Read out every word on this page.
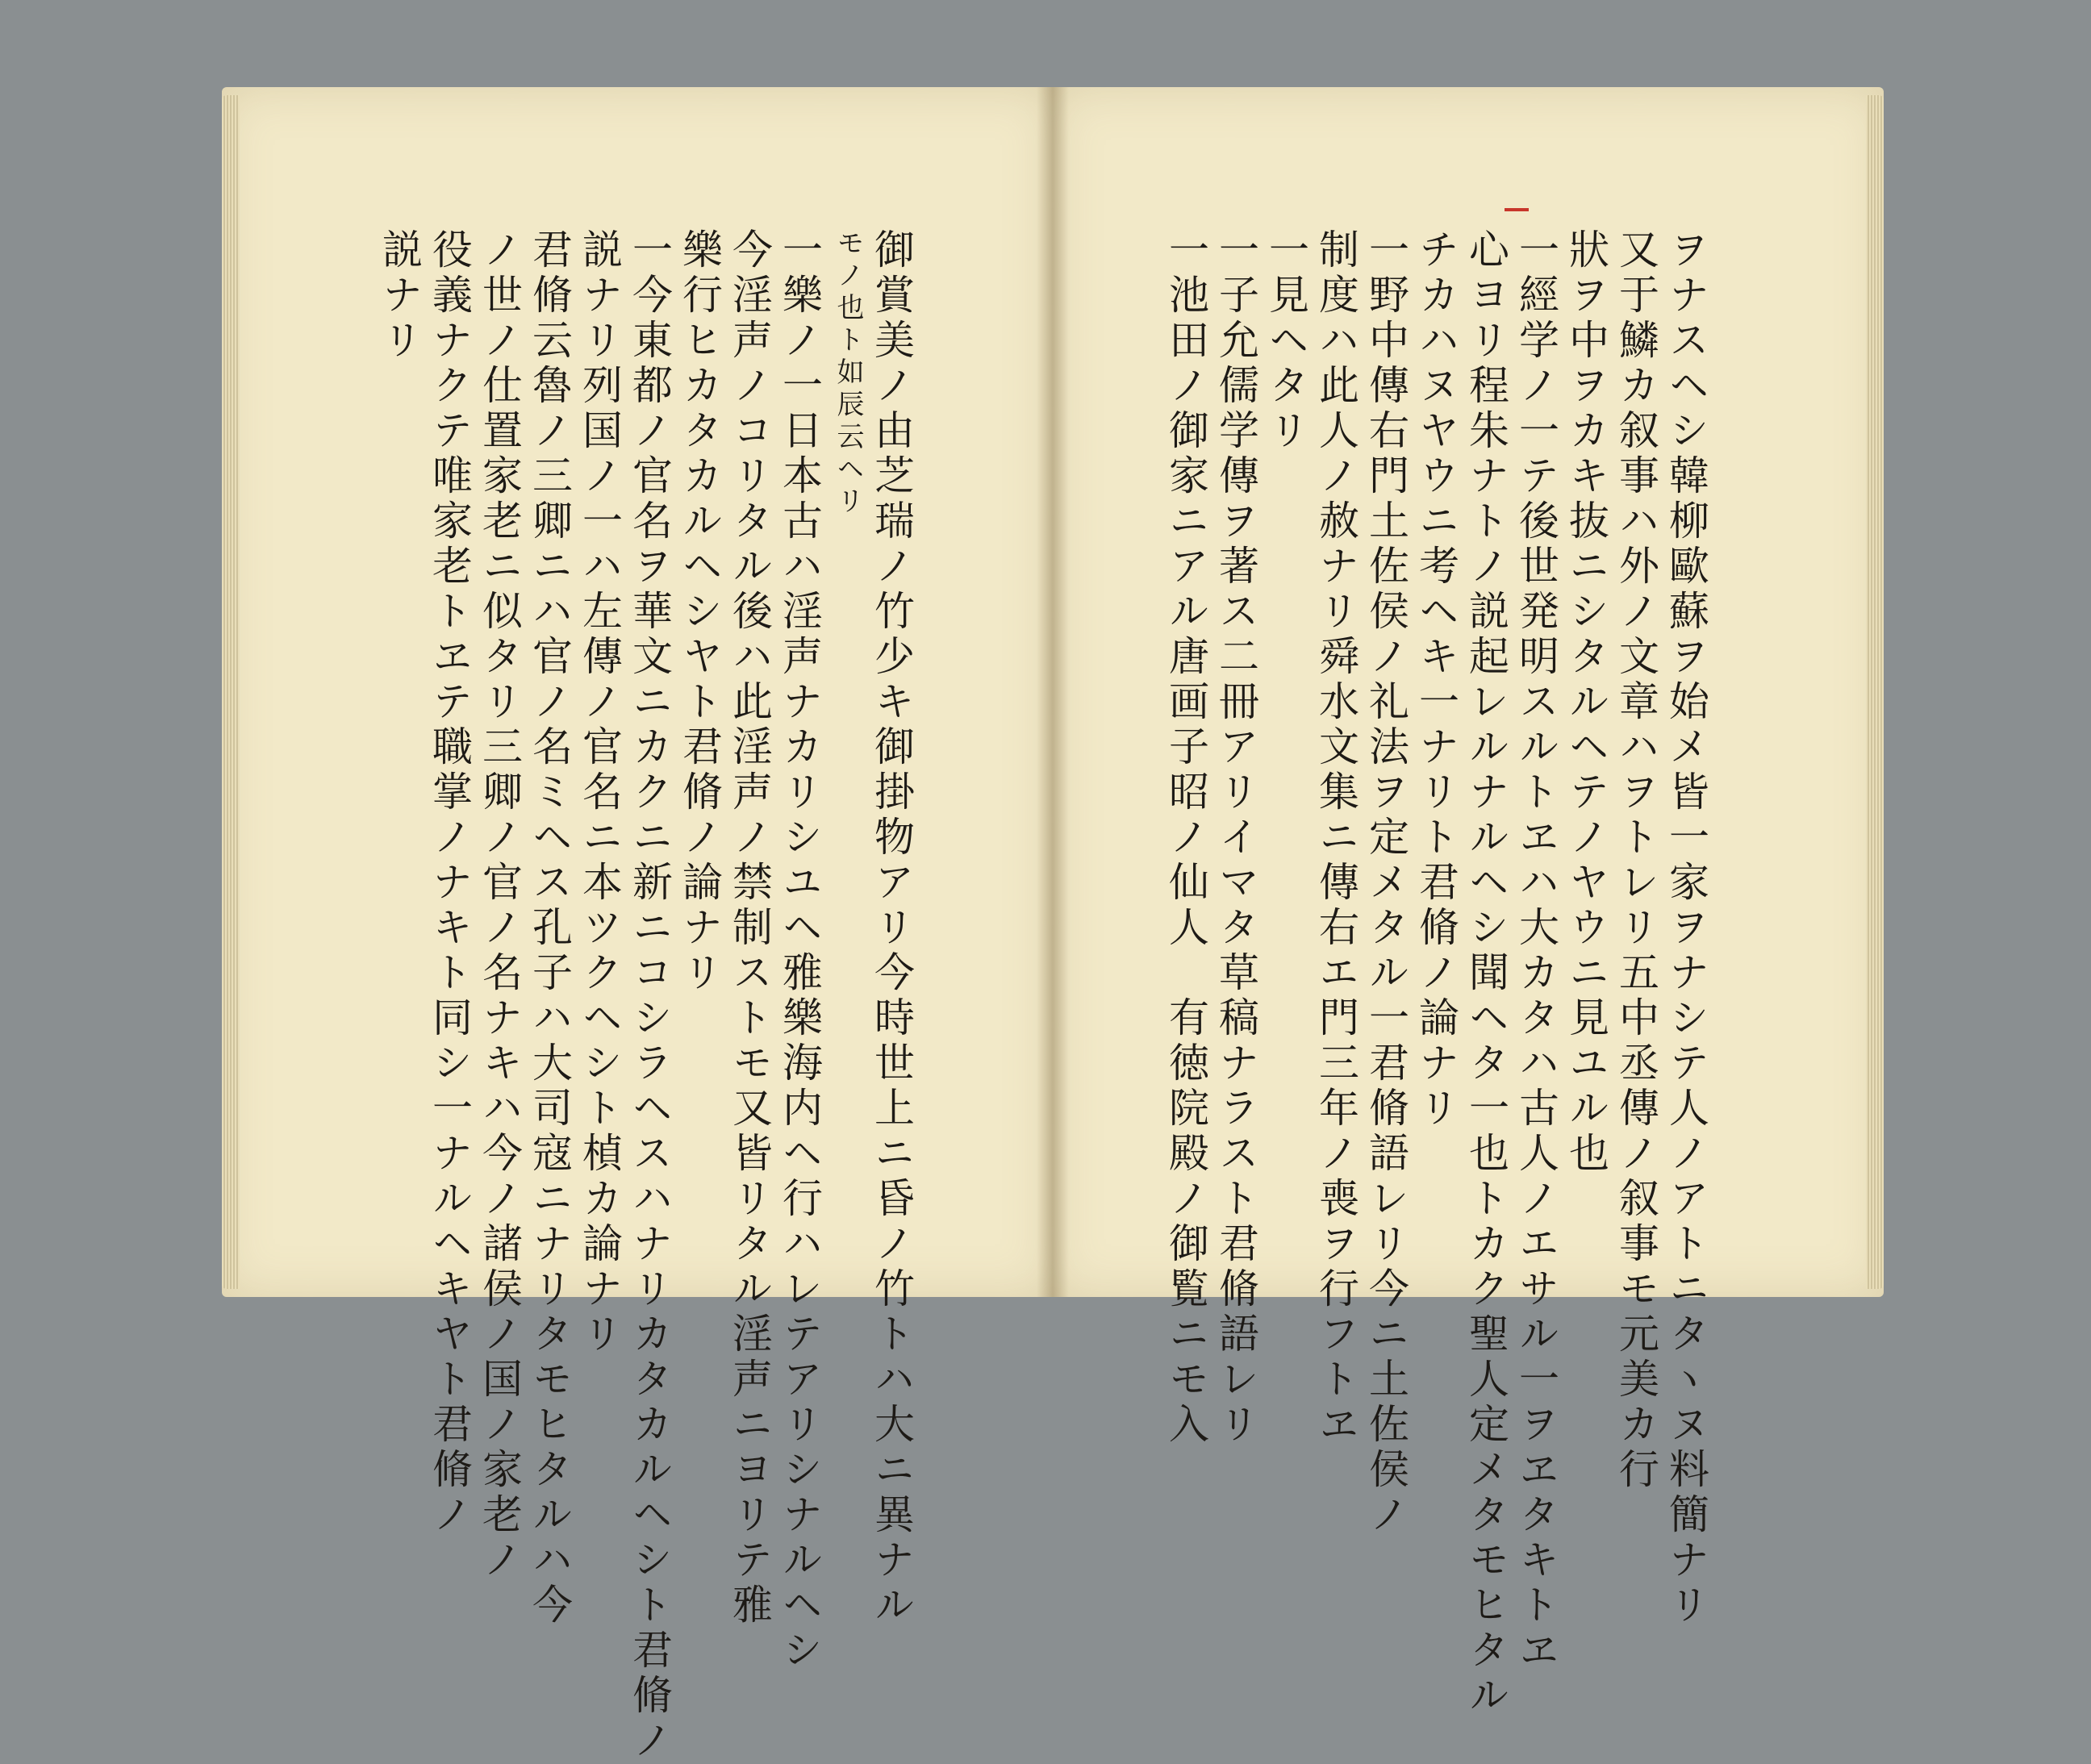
御賞美ノ由芝瑞ノ竹少キ御掛物アリ今時世上ニ昏ノ竹トハ大ニ異ナル
モノ也ト如辰云ヘリ
一樂ノ一日本古ハ淫声ナカリシユヘ雅樂海内ヘ行ハレテアリシナルヘシ
今淫声ノコリタル後ハ此淫声ノ禁制ストモ又皆リタル淫声ニヨリテ雅
樂行ヒカタカルヘシヤト君脩ノ論ナリ
一今東都ノ官名ヲ華文ニカクニ新ニコシラヘスハナリカタカルヘシト君脩ノ
説ナリ列国ノ一ハ左傳ノ官名ニ本ツクヘシト楨カ論ナリ
君脩云魯ノ三卿ニハ官ノ名ミヘス孔子ハ大司寇ニナリタモヒタルハ今
ノ世ノ仕置家老ニ似タリ三卿ノ官ノ名ナキハ今ノ諸侯ノ国ノ家老ノ
役義ナクテ唯家老トヱテ職掌ノナキト同シ一ナルヘキヤト君脩ノ
説ナリ	ヲナスヘシ韓柳歐蘇ヲ始メ皆一家ヲナシテ人ノアトニタヽヌ料簡ナリ
又于鱗カ叙事ハ外ノ文章ハヲトレリ五中丞傳ノ叙事モ元美カ行
狀ヲ中ヲカキ抜ニシタルヘテノヤウニ見ユル也
一經学ノ一テ後世発明スルトヱハ大カタハ古人ノエサル一ヲヱタキトヱ
心ヨリ程朱ナトノ説起レルナルヘシ聞ヘタ一也トカク聖人定メタモヒタル
チカハヌヤウニ考ヘキ一ナリト君脩ノ論ナリ
一野中傳右門土佐侯ノ礼法ヲ定メタル一君脩語レリ今ニ土佐侯ノ
制度ハ此人ノ赦ナリ舜水文集ニ傳右エ門三年ノ喪ヲ行フトヱ
一見ヘタリ
一子允儒学傳ヲ著ス二冊アリイマタ草稿ナラスト君脩語レリ
一池田ノ御家ニアル唐画子昭ノ仙人　有徳院殿ノ御覧ニモ入
